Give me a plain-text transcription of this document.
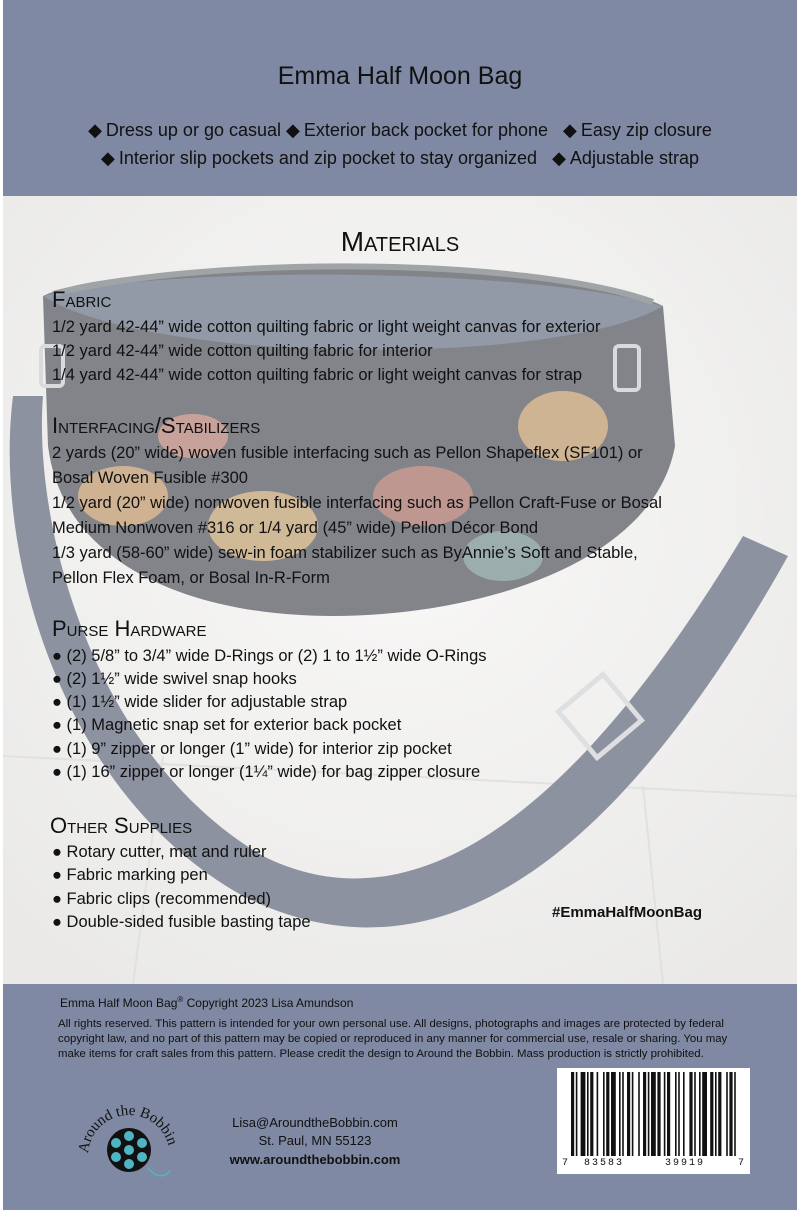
Emma Half Moon Bag
◆ Dress up or go casual ◆ Exterior back pocket for phone ◆ Easy zip closure
◆ Interior slip pockets and zip pocket to stay organized ◆ Adjustable strap
Materials
Fabric
1/2 yard 42-44” wide cotton quilting fabric or light weight canvas for exterior
1/2 yard 42-44” wide cotton quilting fabric for interior
1/4 yard 42-44” wide cotton quilting fabric or light weight canvas for strap
Interfacing/Stabilizers
2 yards (20” wide) woven fusible interfacing such as Pellon Shapeflex (SF101) or
Bosal Woven Fusible #300
1/2 yard (20” wide) nonwoven fusible interfacing such as Pellon Craft-Fuse or Bosal
Medium Nonwoven #316 or 1/4 yard (45” wide) Pellon Décor Bond
1/3 yard (58-60” wide) sew-in foam stabilizer such as ByAnnie’s Soft and Stable,
Pellon Flex Foam, or Bosal In-R-Form
Purse Hardware
● (2) 5/8” to 3/4” wide D-Rings or (2) 1 to 1½” wide O-Rings
● (2) 1½” wide swivel snap hooks
● (1) 1½” wide slider for adjustable strap
● (1) Magnetic snap set for exterior back pocket
● (1) 9” zipper or longer (1” wide) for interior zip pocket
● (1) 16” zipper or longer (1¼” wide) for bag zipper closure
Other Supplies
● Rotary cutter, mat and ruler
● Fabric marking pen
● Fabric clips (recommended)
● Double-sided fusible basting tape
#EmmaHalfMoonBag
Emma Half Moon Bag® Copyright 2023 Lisa Amundson
All rights reserved. This pattern is intended for your own personal use. All designs, photographs and images are protected by federal copyright law, and no part of this pattern may be copied or reproduced in any manner for commercial use, resale or sharing. You may make items for craft sales from this pattern. Please credit the design to Around the Bobbin. Mass production is strictly prohibited.
Around the Bobbin
Lisa@AroundtheBobbin.com
St. Paul, MN 55123
www.aroundthebobbin.com	7 83583	39919	7
